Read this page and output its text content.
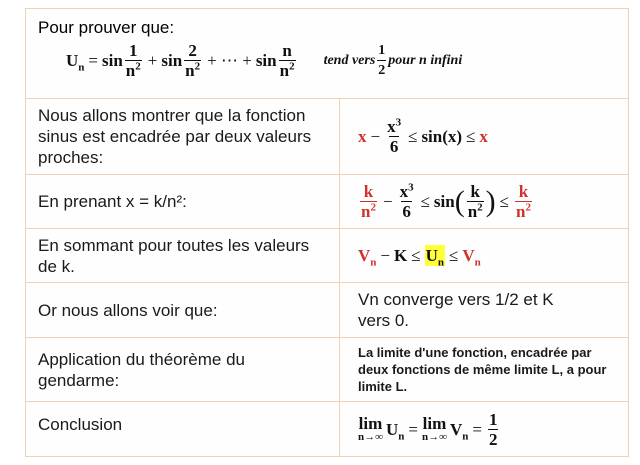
Pour prouver que:
$U_n = \sin \frac{1}{n^2} + \sin \frac{2}{n^2}$ + ⋯ + $\sin \frac{n}{n^2}$ tend vers $\frac{1}{2}$ pour n infini
Nous allons montrer que la fonction sinus est encadrée par deux valeurs proches:
$x - \frac{x^3}{6} \le \sin(x) \le x$
En prenant x = k/n²:	$\frac{k}{n^2} - \frac{x^3}{6} \le \sin$ ( $\frac{k}{n^2}$ ) ≤ $\frac{k}{n^2}$
En sommant pour toutes les valeurs de k.
$V_n - K \le U_n \le V_n$
Or nous allons voir que:
Vn converge vers 1/2 et K vers 0.
Application du théorème du gendarme:
La limite d'une fonction, encadrée par deux fonctions de même limite L, a pour limite L.
Conclusion	lim
n→∞ $U_n = \lim$
n→∞ $V_n = \frac{1}{2}$
